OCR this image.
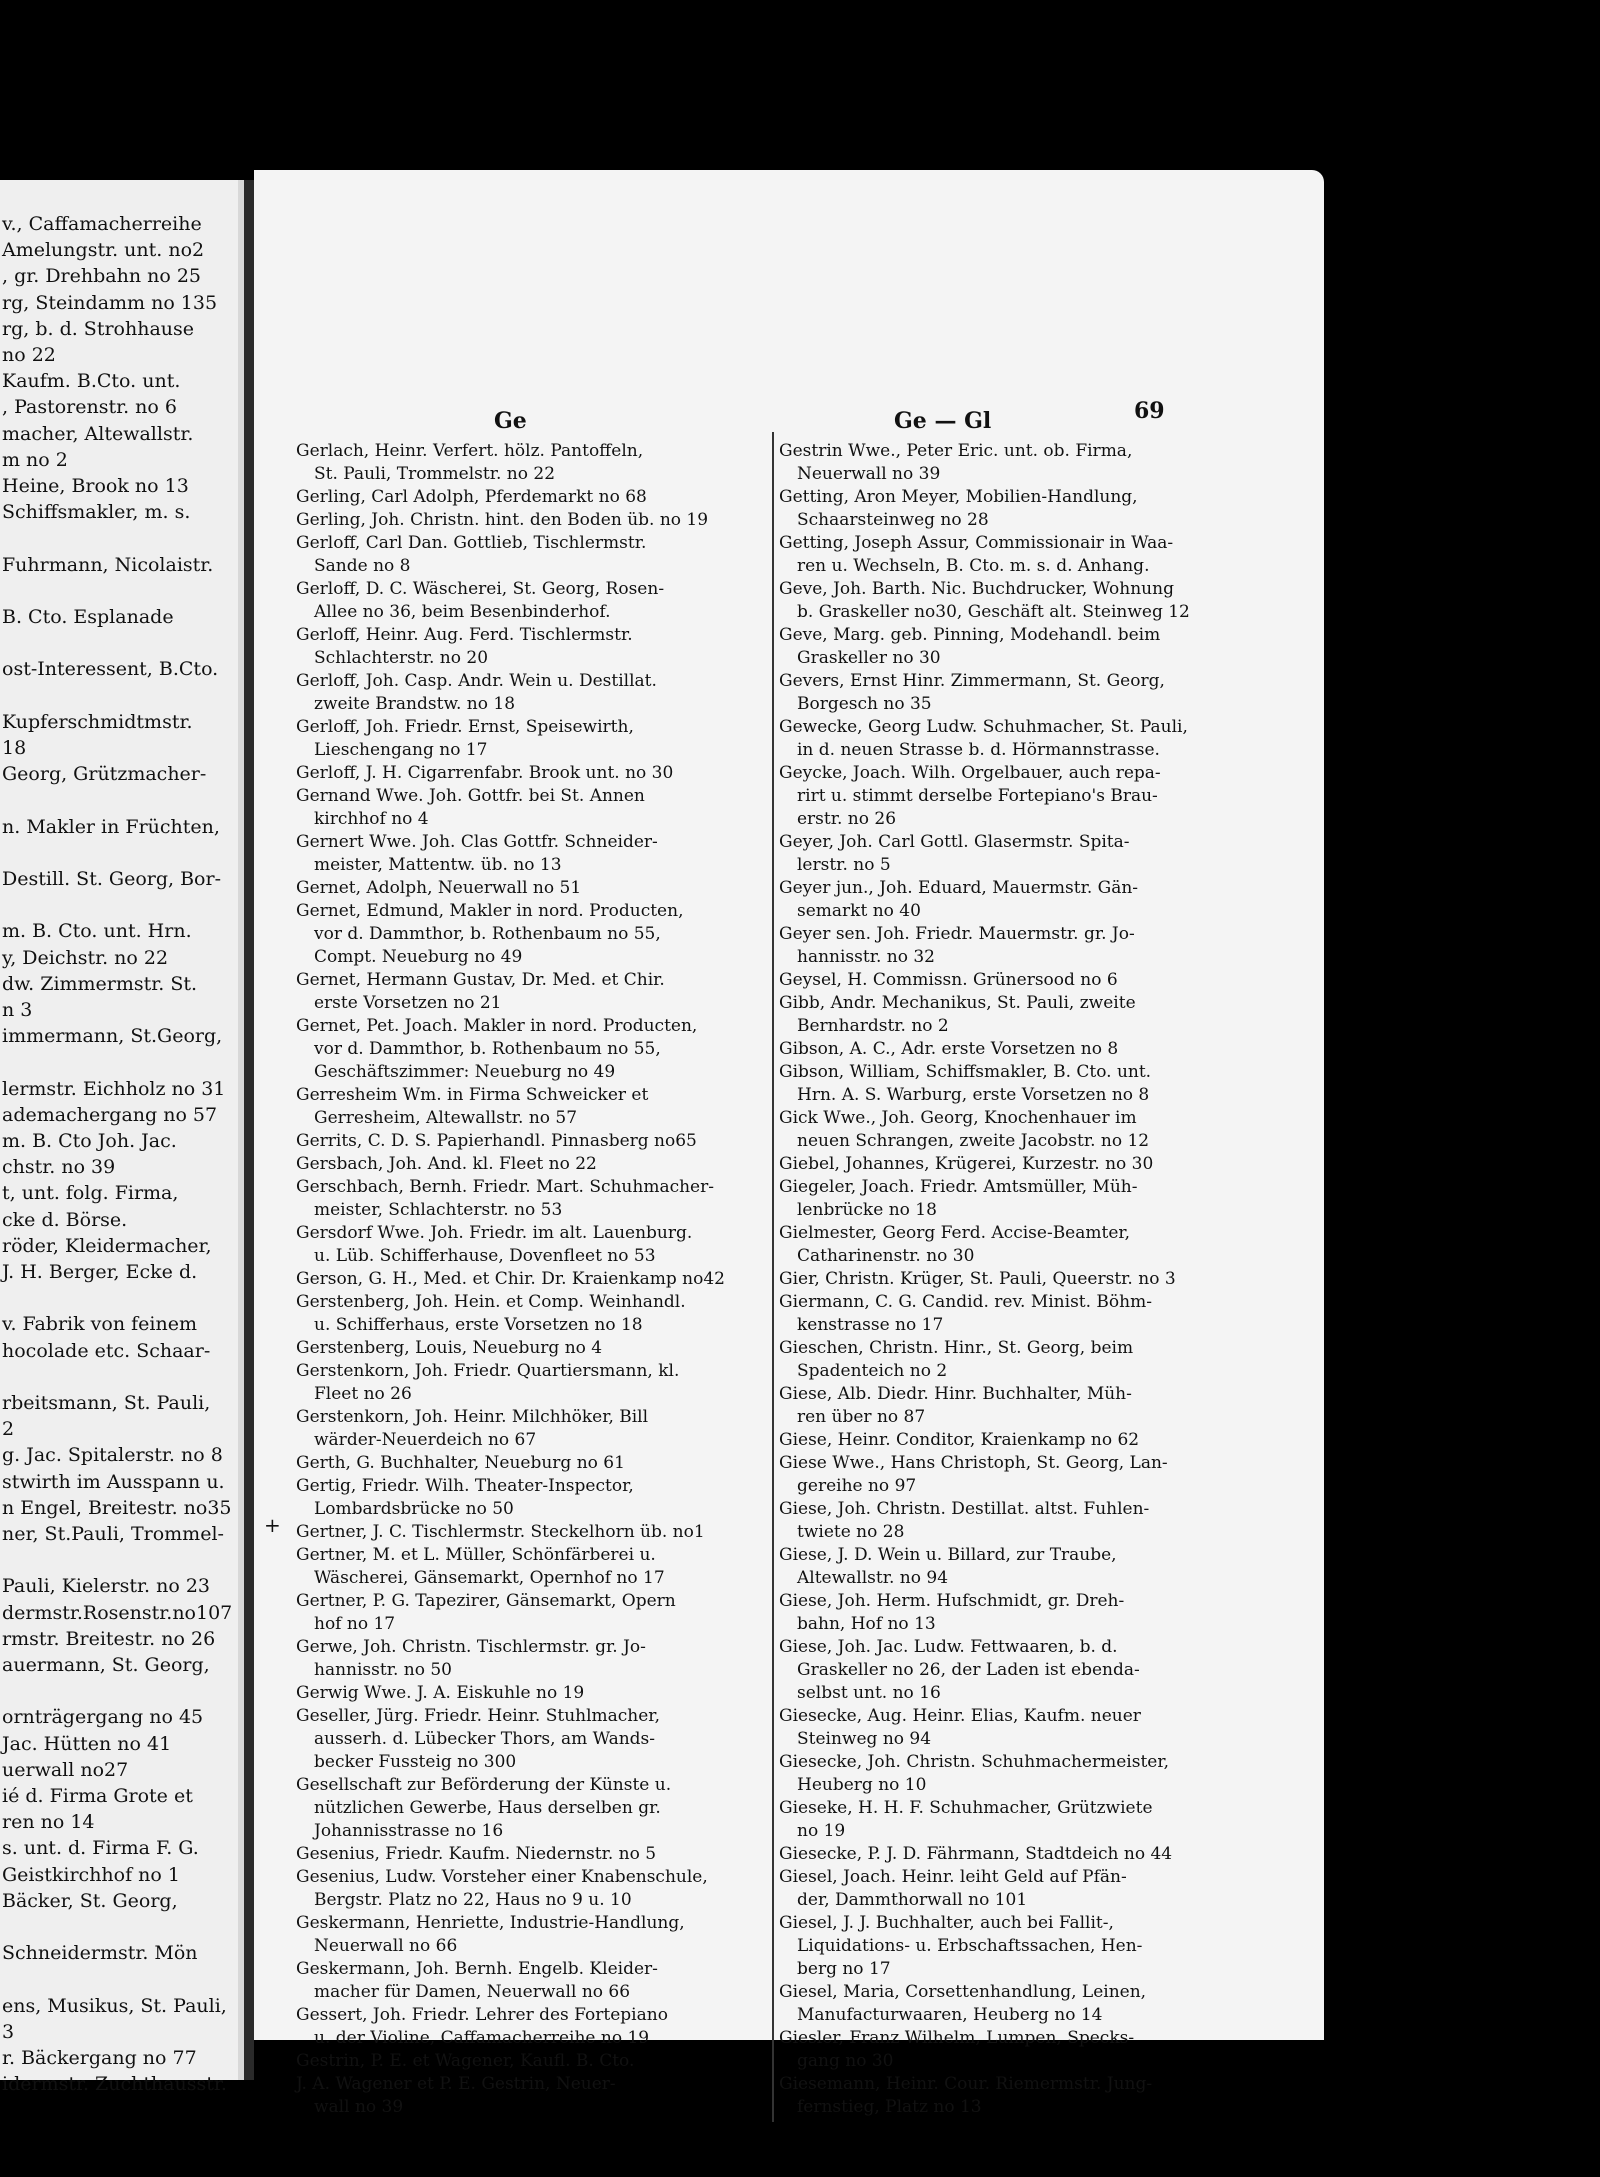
v., Caffamacherreihe
Amelungstr. unt. no2
, gr. Drehbahn no 25
rg, Steindamm no 135
rg, b. d. Strohhause
no 22
Kaufm. B.Cto. unt.
, Pastorenstr. no 6
macher, Altewallstr.
m no 2
Heine, Brook no 13
Schiffsmakler, m. s.
Fuhrmann, Nicolaistr.
B. Cto. Esplanade
ost-Interessent, B.Cto.
Kupferschmidtmstr.
18
Georg, Grützmacher-
n. Makler in Früchten,
Destill. St. Georg, Bor-
m. B. Cto. unt. Hrn.
y, Deichstr. no 22
dw. Zimmermstr. St.
n 3
immermann, St.Georg,
lermstr. Eichholz no 31
ademachergang no 57
m. B. Cto Joh. Jac.
chstr. no 39
t, unt. folg. Firma,
cke d. Börse.
röder, Kleidermacher,
J. H. Berger, Ecke d.
v. Fabrik von feinem
hocolade etc. Schaar-
rbeitsmann, St. Pauli,
2
g. Jac. Spitalerstr. no 8
stwirth im Ausspann u.
n Engel, Breitestr. no35
ner, St.Pauli, Trommel-
Pauli, Kielerstr. no 23
dermstr.Rosenstr.no107
rmstr. Breitestr. no 26
auermann, St. Georg,
ornträgergang no 45
Jac. Hütten no 41
uerwall no27
ié d. Firma Grote et
ren no 14
s. unt. d. Firma F. G.
Geistkirchhof no 1
Bäcker, St. Georg,
Schneidermstr. Mön
ens, Musikus, St. Pauli,
3
r. Bäckergang no 77
idermstr. Zuchthausstr.
Ge	Ge — Gl	69
Gerlach, Heinr. Verfert. hölz. Pantoffeln,
St. Pauli, Trommelstr. no 22
Gerling, Carl Adolph, Pferdemarkt no 68
Gerling, Joh. Christn. hint. den Boden üb. no 19
Gerloff, Carl Dan. Gottlieb, Tischlermstr.
Sande no 8
Gerloff, D. C. Wäscherei, St. Georg, Rosen-
Allee no 36, beim Besenbinderhof.
Gerloff, Heinr. Aug. Ferd. Tischlermstr.
Schlachterstr. no 20
Gerloff, Joh. Casp. Andr. Wein u. Destillat.
zweite Brandstw. no 18
Gerloff, Joh. Friedr. Ernst, Speisewirth,
Lieschengang no 17
Gerloff, J. H. Cigarrenfabr. Brook unt. no 30
Gernand Wwe. Joh. Gottfr. bei St. Annen
kirchhof no 4
Gernert Wwe. Joh. Clas Gottfr. Schneider-
meister, Mattentw. üb. no 13
Gernet, Adolph, Neuerwall no 51
Gernet, Edmund, Makler in nord. Producten,
vor d. Dammthor, b. Rothenbaum no 55,
Compt. Neueburg no 49
Gernet, Hermann Gustav, Dr. Med. et Chir.
erste Vorsetzen no 21
Gernet, Pet. Joach. Makler in nord. Producten,
vor d. Dammthor, b. Rothenbaum no 55,
Geschäftszimmer: Neueburg no 49
Gerresheim Wm. in Firma Schweicker et
Gerresheim, Altewallstr. no 57
Gerrits, C. D. S. Papierhandl. Pinnasberg no65
Gersbach, Joh. And. kl. Fleet no 22
Gerschbach, Bernh. Friedr. Mart. Schuhmacher-
meister, Schlachterstr. no 53
Gersdorf Wwe. Joh. Friedr. im alt. Lauenburg.
u. Lüb. Schifferhause, Dovenfleet no 53
Gerson, G. H., Med. et Chir. Dr. Kraienkamp no42
Gerstenberg, Joh. Hein. et Comp. Weinhandl.
u. Schifferhaus, erste Vorsetzen no 18
Gerstenberg, Louis, Neueburg no 4
Gerstenkorn, Joh. Friedr. Quartiersmann, kl.
Fleet no 26
Gerstenkorn, Joh. Heinr. Milchhöker, Bill
wärder-Neuerdeich no 67
Gerth, G. Buchhalter, Neueburg no 61
Gertig, Friedr. Wilh. Theater-Inspector,
Lombardsbrücke no 50
Gertner, J. C. Tischlermstr. Steckelhorn üb. no1
Gertner, M. et L. Müller, Schönfärberei u.
Wäscherei, Gänsemarkt, Opernhof no 17
Gertner, P. G. Tapezirer, Gänsemarkt, Opern
hof no 17
Gerwe, Joh. Christn. Tischlermstr. gr. Jo-
hannisstr. no 50
Gerwig Wwe. J. A. Eiskuhle no 19
Geseller, Jürg. Friedr. Heinr. Stuhlmacher,
ausserh. d. Lübecker Thors, am Wands-
becker Fussteig no 300
Gesellschaft zur Beförderung der Künste u.
nützlichen Gewerbe, Haus derselben gr.
Johannisstrasse no 16
Gesenius, Friedr. Kaufm. Niedernstr. no 5
Gesenius, Ludw. Vorsteher einer Knabenschule,
Bergstr. Platz no 22, Haus no 9 u. 10
Geskermann, Henriette, Industrie-Handlung,
Neuerwall no 66
Geskermann, Joh. Bernh. Engelb. Kleider-
macher für Damen, Neuerwall no 66
Gessert, Joh. Friedr. Lehrer des Fortepiano
u. der Violine, Caffamacherreihe no 19
Gestrin, P. E. et Wagener, Kaufl. B. Cto.
J. A. Wagener et P. E. Gestrin, Neuer-
wall no 39
Gestrin Wwe., Peter Eric. unt. ob. Firma,
Neuerwall no 39
Getting, Aron Meyer, Mobilien-Handlung,
Schaarsteinweg no 28
Getting, Joseph Assur, Commissionair in Waa-
ren u. Wechseln, B. Cto. m. s. d. Anhang.
Geve, Joh. Barth. Nic. Buchdrucker, Wohnung
b. Graskeller no30, Geschäft alt. Steinweg 12
Geve, Marg. geb. Pinning, Modehandl. beim
Graskeller no 30
Gevers, Ernst Hinr. Zimmermann, St. Georg,
Borgesch no 35
Gewecke, Georg Ludw. Schuhmacher, St. Pauli,
in d. neuen Strasse b. d. Hörmannstrasse.
Geycke, Joach. Wilh. Orgelbauer, auch repa-
rirt u. stimmt derselbe Fortepiano's Brau-
erstr. no 26
Geyer, Joh. Carl Gottl. Glasermstr. Spita-
lerstr. no 5
Geyer jun., Joh. Eduard, Mauermstr. Gän-
semarkt no 40
Geyer sen. Joh. Friedr. Mauermstr. gr. Jo-
hannisstr. no 32
Geysel, H. Commissn. Grünersood no 6
Gibb, Andr. Mechanikus, St. Pauli, zweite
Bernhardstr. no 2
Gibson, A. C., Adr. erste Vorsetzen no 8
Gibson, William, Schiffsmakler, B. Cto. unt.
Hrn. A. S. Warburg, erste Vorsetzen no 8
Gick Wwe., Joh. Georg, Knochenhauer im
neuen Schrangen, zweite Jacobstr. no 12
Giebel, Johannes, Krügerei, Kurzestr. no 30
Giegeler, Joach. Friedr. Amtsmüller, Müh-
lenbrücke no 18
Gielmester, Georg Ferd. Accise-Beamter,
Catharinenstr. no 30
Gier, Christn. Krüger, St. Pauli, Queerstr. no 3
Giermann, C. G. Candid. rev. Minist. Böhm-
kenstrasse no 17
Gieschen, Christn. Hinr., St. Georg, beim
Spadenteich no 2
Giese, Alb. Diedr. Hinr. Buchhalter, Müh-
ren über no 87
Giese, Heinr. Conditor, Kraienkamp no 62
Giese Wwe., Hans Christoph, St. Georg, Lan-
gereihe no 97
Giese, Joh. Christn. Destillat. altst. Fuhlen-
twiete no 28
Giese, J. D. Wein u. Billard, zur Traube,
Altewallstr. no 94
Giese, Joh. Herm. Hufschmidt, gr. Dreh-
bahn, Hof no 13
Giese, Joh. Jac. Ludw. Fettwaaren, b. d.
Graskeller no 26, der Laden ist ebenda-
selbst unt. no 16
Giesecke, Aug. Heinr. Elias, Kaufm. neuer
Steinweg no 94
Giesecke, Joh. Christn. Schuhmachermeister,
Heuberg no 10
Gieseke, H. H. F. Schuhmacher, Grützwiete
no 19
Giesecke, P. J. D. Fährmann, Stadtdeich no 44
Giesel, Joach. Heinr. leiht Geld auf Pfän-
der, Dammthorwall no 101
Giesel, J. J. Buchhalter, auch bei Fallit-,
Liquidations- u. Erbschaftssachen, Hen-
berg no 17
Giesel, Maria, Corsettenhandlung, Leinen,
Manufacturwaaren, Heuberg no 14
Giesler, Franz Wilhelm, Lumpen, Specks-
gang no 30
Giesemann, Heinr. Cour. Riemermstr. Jung-
fernstieg, Platz no 13
+
